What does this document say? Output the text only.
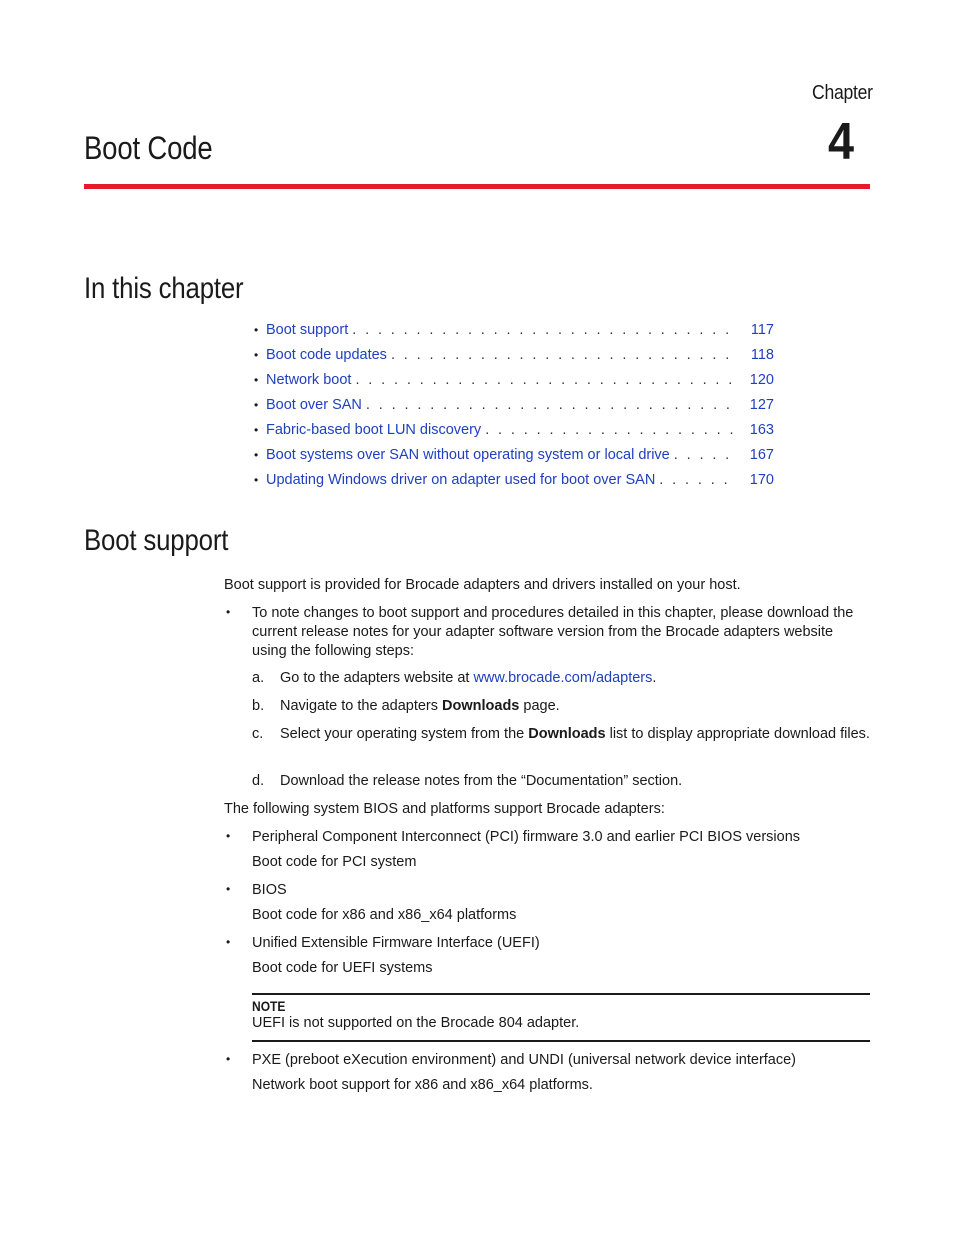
Chapter
4
Boot Code
In this chapter
• Boot support . . .	117
• Boot code updates . . .	118
• Network boot . . .	120
• Boot over SAN . . .	127
• Fabric-based boot LUN discovery . . .	163
• Boot systems over SAN without operating system or local drive . . .	167
• Updating Windows driver on adapter used for boot over SAN . . .	170
Boot support
Boot support is provided for Brocade adapters and drivers installed on your host.
• To note changes to boot support and procedures detailed in this chapter, please download the current release notes for your adapter software version from the Brocade adapters website using the following steps:
a. Go to the adapters website at www.brocade.com/adapters.
b. Navigate to the adapters Downloads page.
c. Select your operating system from the Downloads list to display appropriate download files.
d. Download the release notes from the “Documentation” section.
The following system BIOS and platforms support Brocade adapters:
• Peripheral Component Interconnect (PCI) firmware 3.0 and earlier PCI BIOS versions
Boot code for PCI system
• BIOS
Boot code for x86 and x86_x64 platforms
• Unified Extensible Firmware Interface (UEFI)
Boot code for UEFI systems
NOTE
UEFI is not supported on the Brocade 804 adapter.
• PXE (preboot eXecution environment) and UNDI (universal network device interface)
Network boot support for x86 and x86_x64 platforms.
